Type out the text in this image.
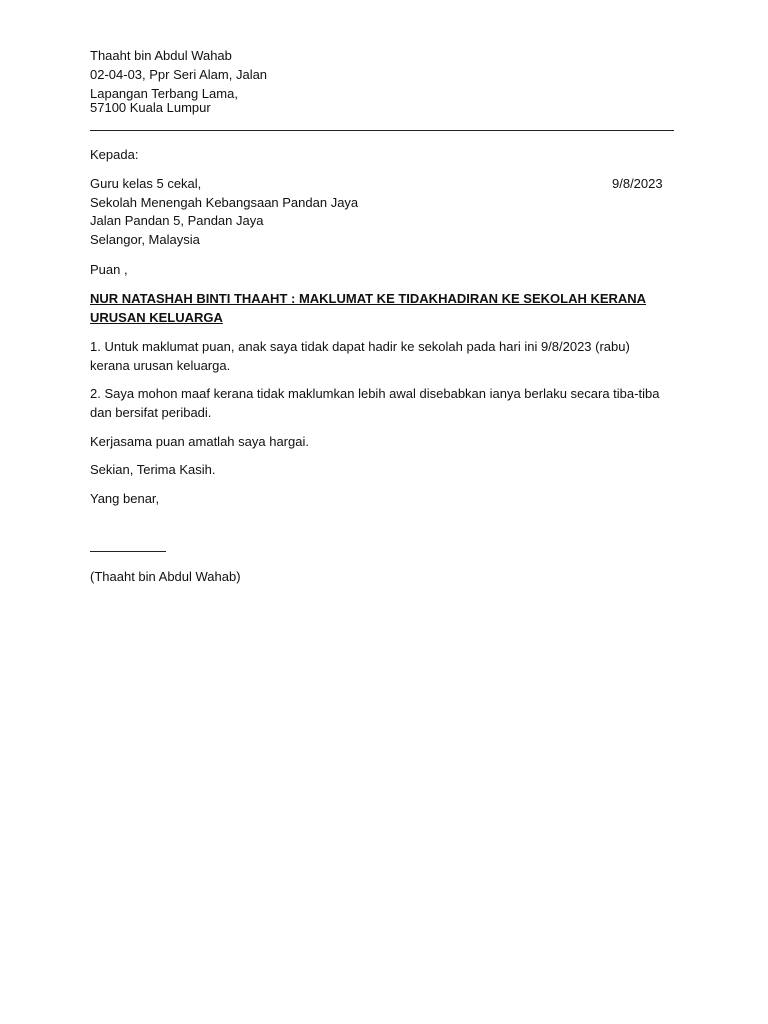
Thaaht bin Abdul Wahab
02-04-03, Ppr Seri Alam, Jalan
Lapangan Terbang Lama,
57100 Kuala Lumpur
Kepada:
Guru kelas 5 cekal,	9/8/2023
Sekolah Menengah Kebangsaan Pandan Jaya
Jalan Pandan 5, Pandan Jaya
Selangor, Malaysia
Puan ,
NUR NATASHAH BINTI THAAHT : MAKLUMAT KE TIDAKHADIRAN KE SEKOLAH KERANA
URUSAN KELUARGA
1. Untuk maklumat puan, anak saya tidak dapat hadir ke sekolah pada hari ini 9/8/2023 (rabu)
kerana urusan keluarga.
2. Saya mohon maaf kerana tidak maklumkan lebih awal disebabkan ianya berlaku secara tiba-tiba
dan bersifat peribadi.
Kerjasama puan amatlah saya hargai.
Sekian, Terima Kasih.
Yang benar,
(Thaaht bin Abdul Wahab)
